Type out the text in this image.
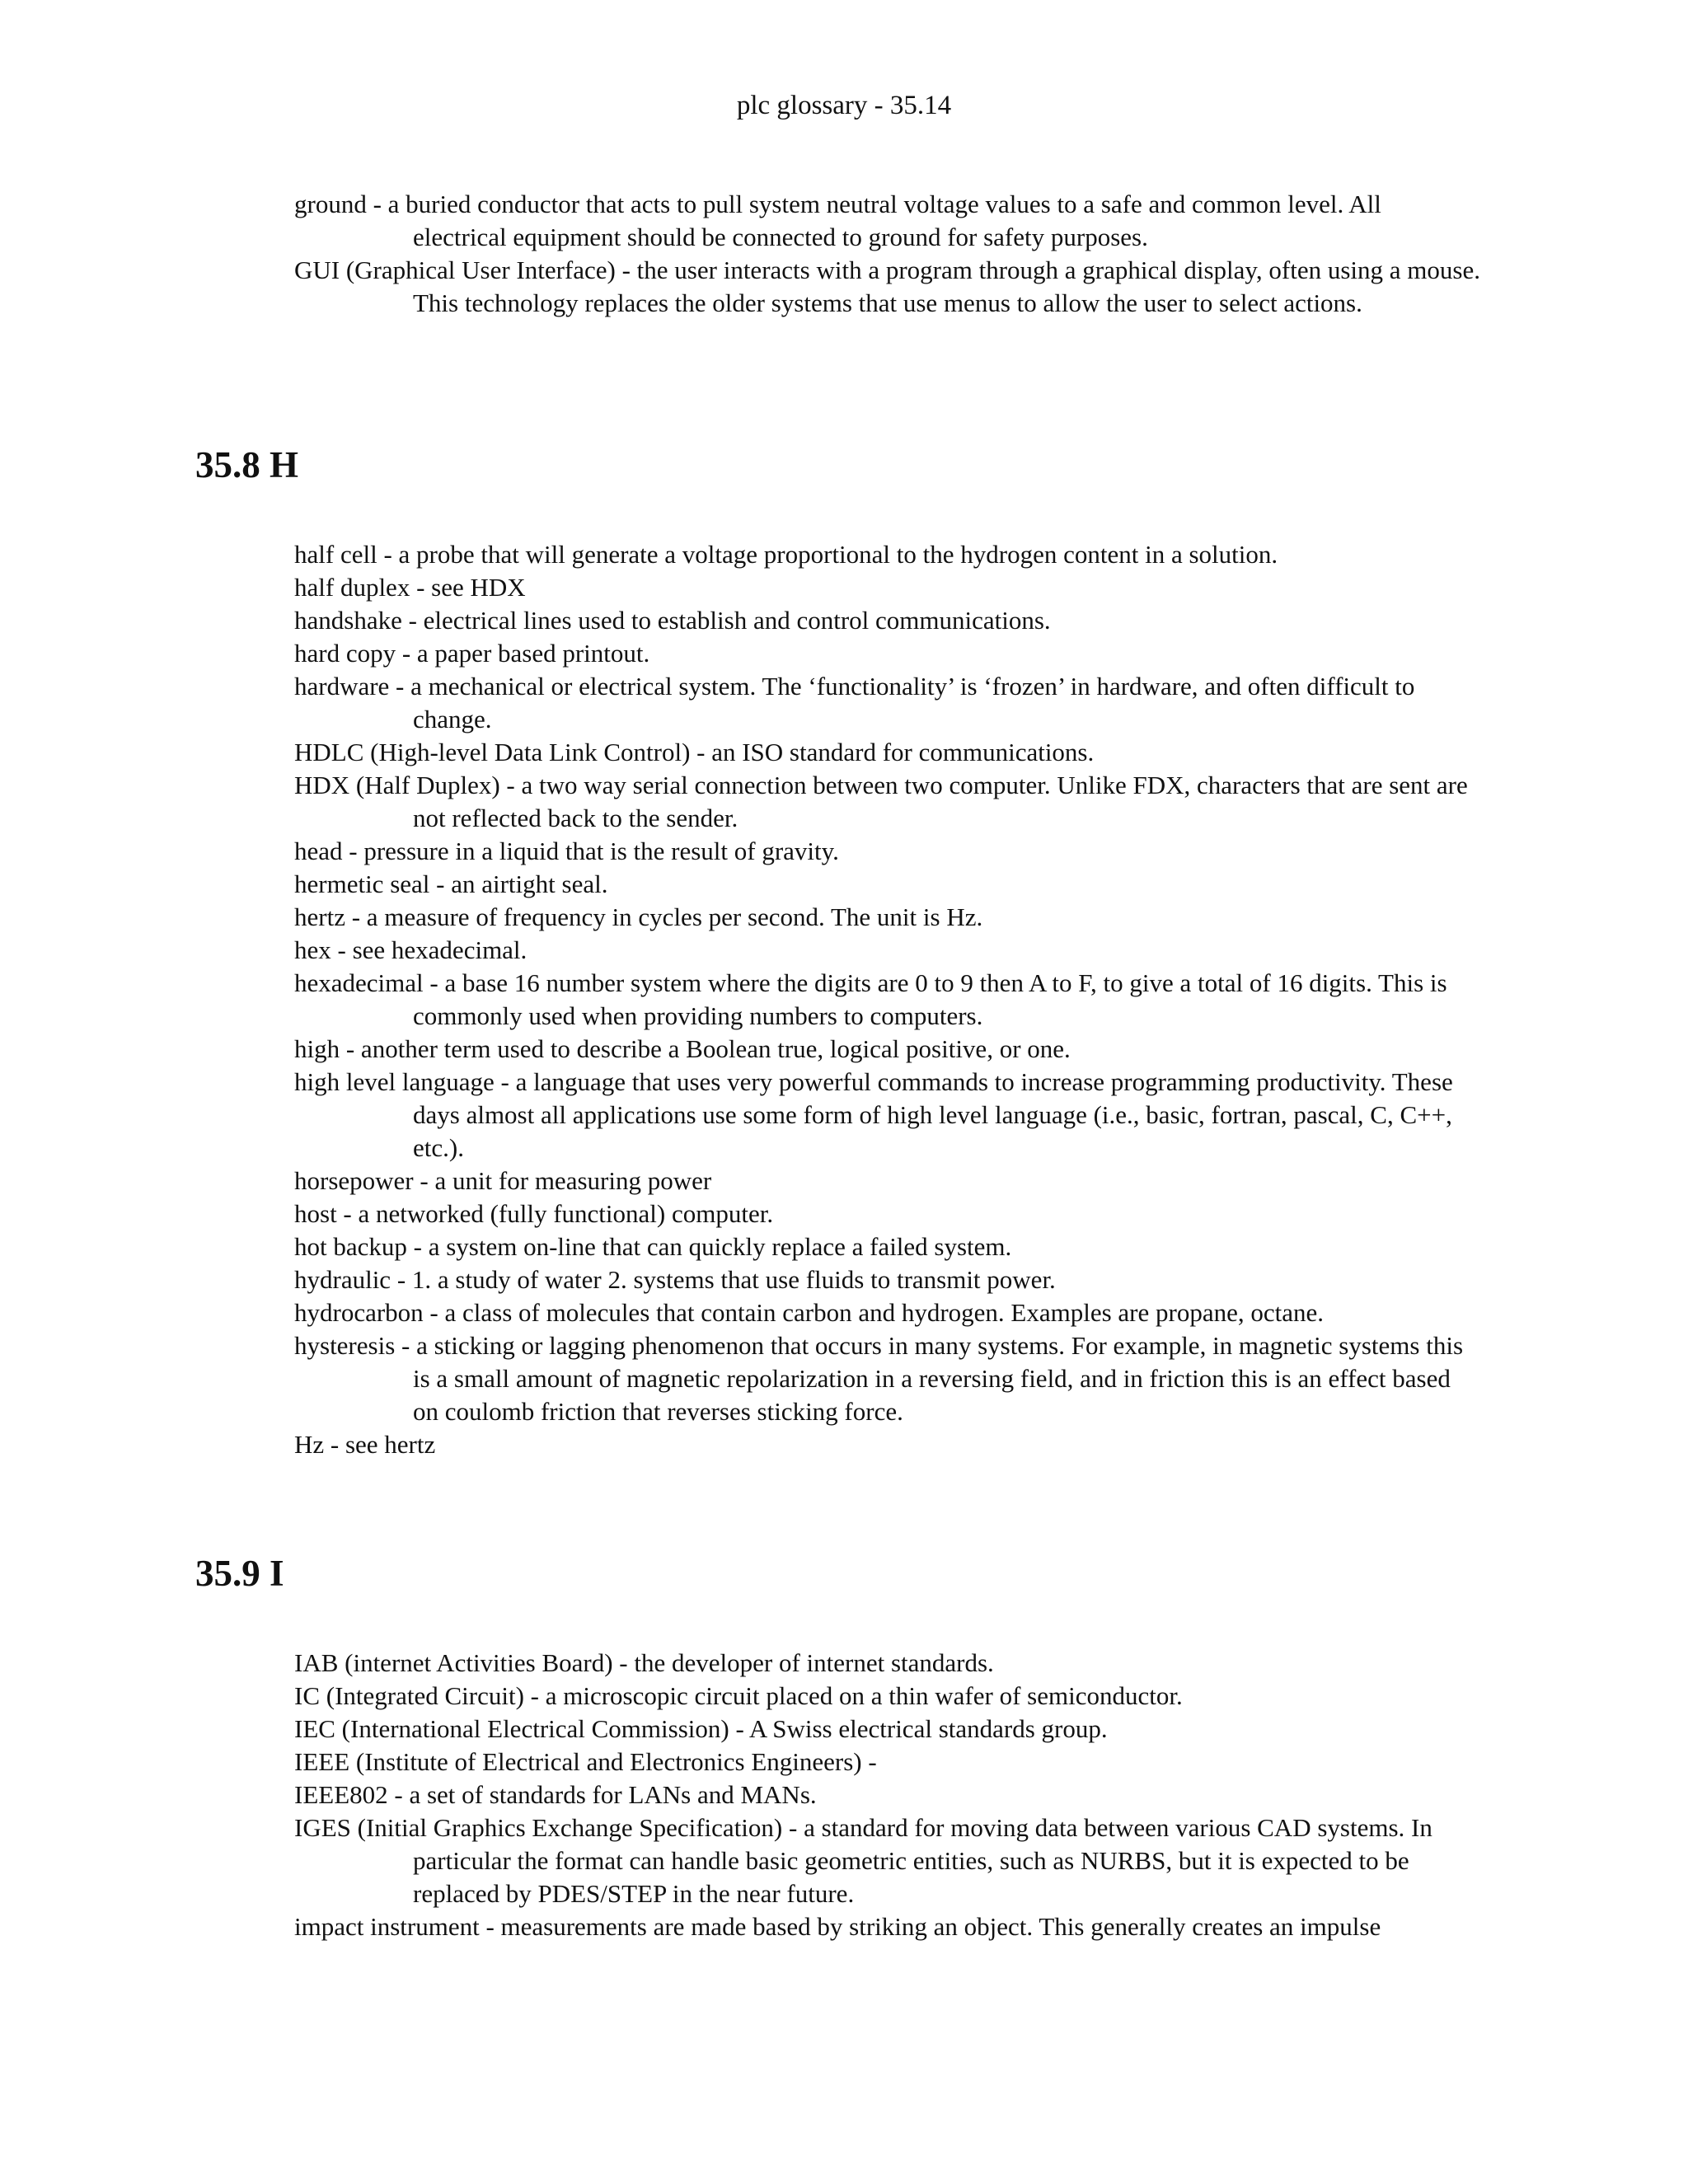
plc glossary - 35.14

ground - a buried conductor that acts to pull system neutral voltage values to a safe and common level. All electrical equipment should be connected to ground for safety purposes.

GUI (Graphical User Interface) - the user interacts with a program through a graphical display, often using a mouse. This technology replaces the older systems that use menus to allow the user to select actions.

35.8 H

half cell - a probe that will generate a voltage proportional to the hydrogen content in a solution.

half duplex - see HDX

handshake - electrical lines used to establish and control communications.

hard copy - a paper based printout.

hardware - a mechanical or electrical system. The ‘functionality’ is ‘frozen’ in hardware, and often difficult to change.

HDLC (High-level Data Link Control) - an ISO standard for communications.

HDX (Half Duplex) - a two way serial connection between two computer. Unlike FDX, characters that are sent are not reflected back to the sender.

head - pressure in a liquid that is the result of gravity.

hermetic seal - an airtight seal.

hertz - a measure of frequency in cycles per second. The unit is Hz.

hex - see hexadecimal.

hexadecimal - a base 16 number system where the digits are 0 to 9 then A to F, to give a total of 16 digits. This is commonly used when providing numbers to computers.

high - another term used to describe a Boolean true, logical positive, or one.

high level language - a language that uses very powerful commands to increase programming productivity. These days almost all applications use some form of high level language (i.e., basic, fortran, pascal, C, C++, etc.).

horsepower - a unit for measuring power

host - a networked (fully functional) computer.

hot backup - a system on-line that can quickly replace a failed system.

hydraulic - 1. a study of water 2. systems that use fluids to transmit power.

hydrocarbon - a class of molecules that contain carbon and hydrogen. Examples are propane, octane.

hysteresis - a sticking or lagging phenomenon that occurs in many systems. For example, in magnetic systems this is a small amount of magnetic repolarization in a reversing field, and in friction this is an effect based on coulomb friction that reverses sticking force.

Hz - see hertz

35.9 I

IAB (internet Activities Board) - the developer of internet standards.

IC (Integrated Circuit) - a microscopic circuit placed on a thin wafer of semiconductor.

IEC (International Electrical Commission) - A Swiss electrical standards group.

IEEE (Institute of Electrical and Electronics Engineers) -

IEEE802 - a set of standards for LANs and MANs.

IGES (Initial Graphics Exchange Specification) - a standard for moving data between various CAD systems. In particular the format can handle basic geometric entities, such as NURBS, but it is expected to be replaced by PDES/STEP in the near future.

impact instrument - measurements are made based by striking an object. This generally creates an impulse
